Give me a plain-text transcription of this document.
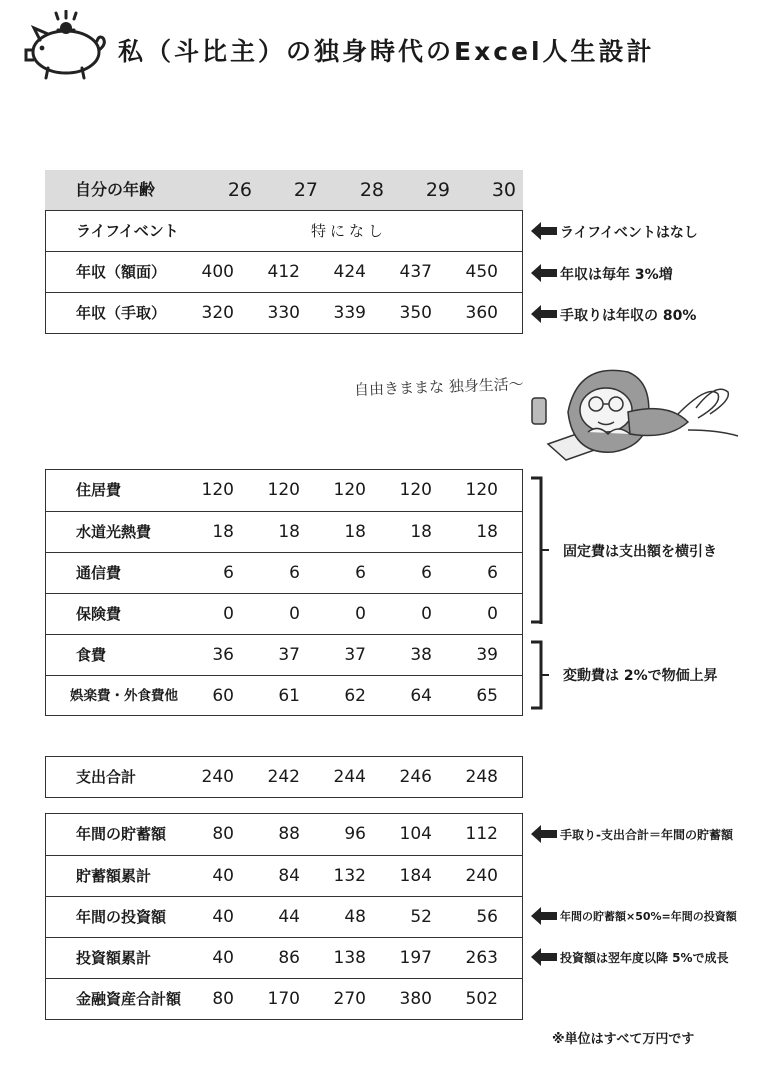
私（斗比主）の独身時代のExcel人生設計
自分の年齢	26	27	28	29	30
ライフイベント	特になし
年収（額面）	400	412	424	437	450
年収（手取）	320	330	339	350	360
ライフイベントはなし
年収は毎年 3%増
手取りは年収の 80%
自由きままな 独身生活〜
住居費	120	120	120	120	120
水道光熱費	18	18	18	18	18
通信費	6	6	6	6	6
保険費	0	0	0	0	0
食費	36	37	37	38	39
娯楽費・外食費他	60	61	62	64	65
固定費は支出額を横引き
変動費は 2%で物価上昇
支出合計	240	242	244	246	248
年間の貯蓄額	80	88	96	104	112
貯蓄額累計	40	84	132	184	240
年間の投資額	40	44	48	52	56
投資額累計	40	86	138	197	263
金融資産合計額	80	170	270	380	502
手取り-支出合計＝年間の貯蓄額
年間の貯蓄額×50%=年間の投資額
投資額は翌年度以降 5%で成長
※単位はすべて万円です
